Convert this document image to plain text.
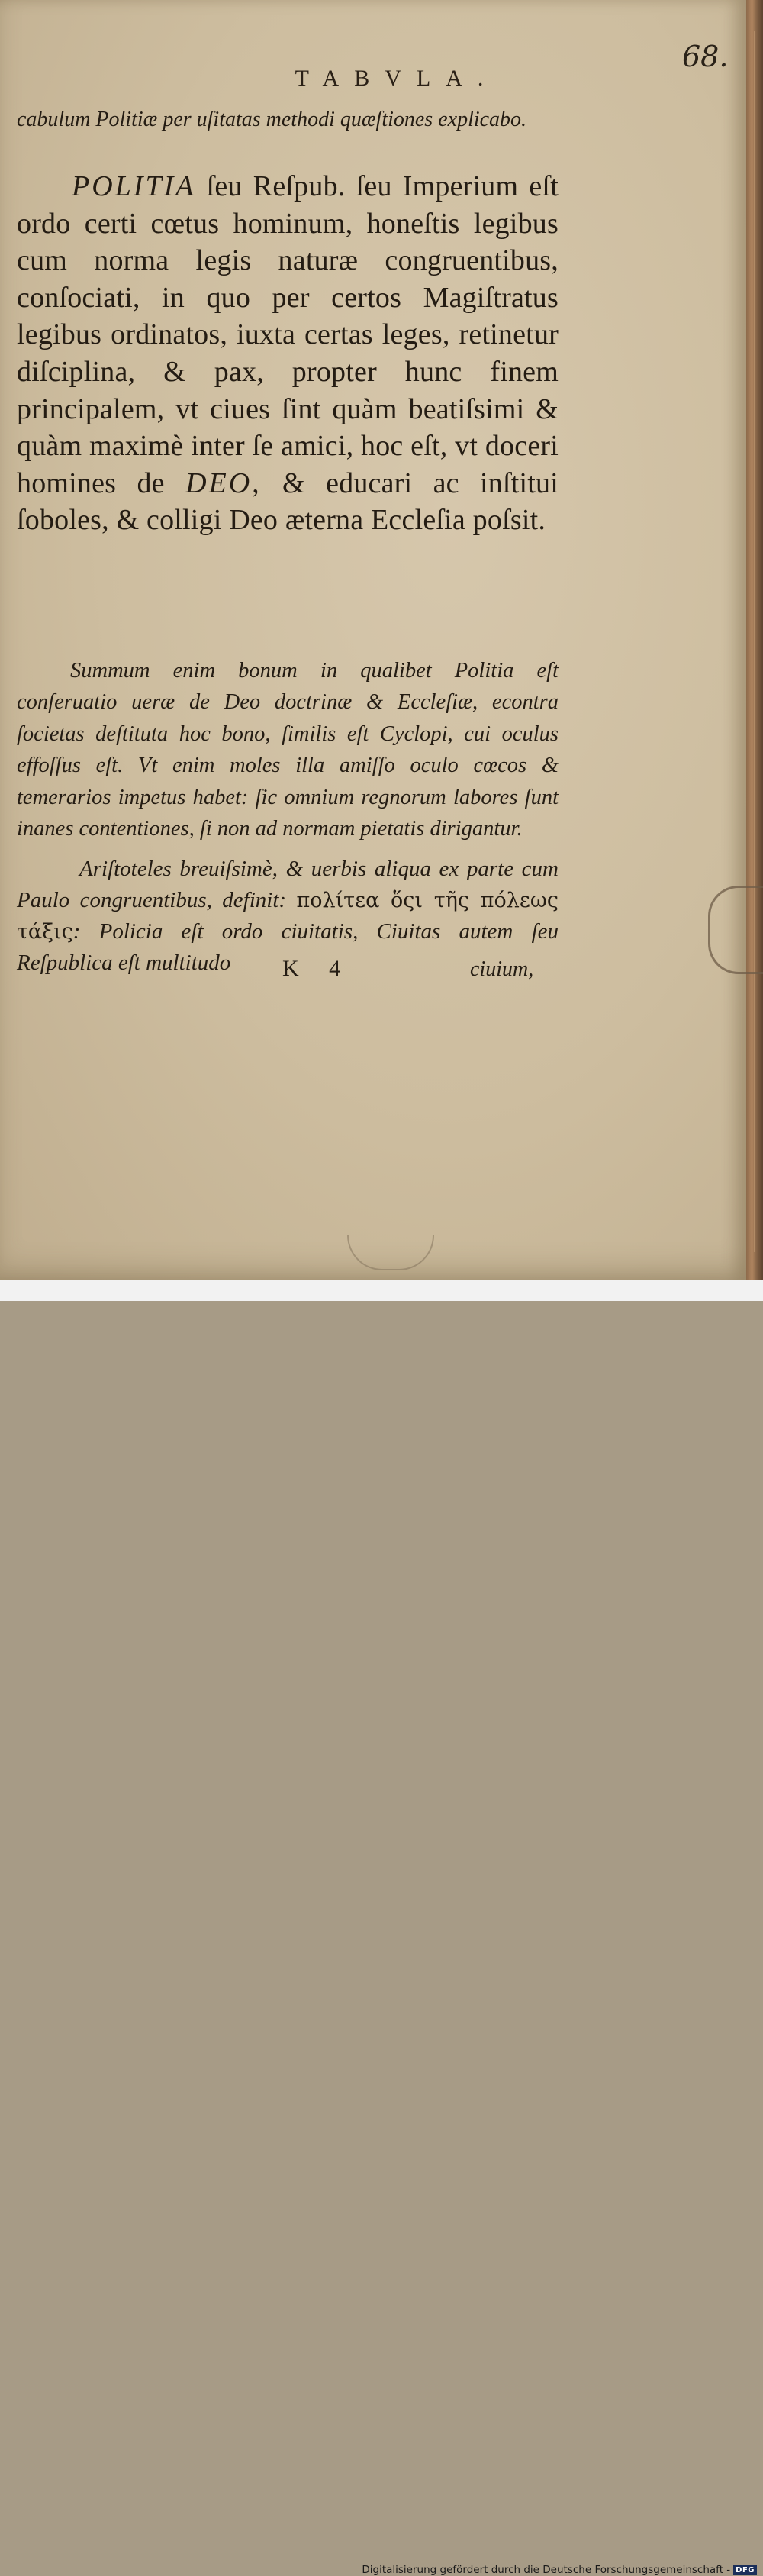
68.
TABVLA.
cabulum Politiæ per uſitatas methodi quæſtiones explicabo.
POLITIA ſeu Reſpub. ſeu Imperium eſt ordo certi cœtus hominum, honeſtis legibus cum norma legis naturæ congruentibus, conſociati, in quo per certos Magiſtratus legibus ordinatos, iuxta certas leges, retinetur diſciplina, & pax, propter hunc finem principalem, vt ciues ſint quàm beatiſsimi & quàm maximè inter ſe amici, hoc eſt, vt doceri homines de DEO, & educari ac inſtitui ſoboles, & colligi Deo æterna Eccleſia poſsit.
Summum enim bonum in qualibet Politia eſt conſeruatio ueræ de Deo doctrinæ & Eccleſiæ, econtra ſocietas deſtituta hoc bono, ſimilis eſt Cyclopi, cui oculus effoſſus eſt. Vt enim moles illa amiſſo oculo cœcos & temerarios impetus habet: ſic omnium regnorum labores ſunt inanes contentiones, ſi non ad normam pietatis dirigantur.
Ariſtoteles breuiſsimè, & uerbis aliqua ex parte cum Paulo congruentibus, definit: πολίτεα ὅςι τῆς πόλεως τάξις: Policia eſt ordo ciuitatis, Ciuitas autem ſeu Reſpublica eſt multitudo	K 4	ciuium,
Digitalisierung gefördert durch die Deutsche Forschungsgemeinschaft - DFG
